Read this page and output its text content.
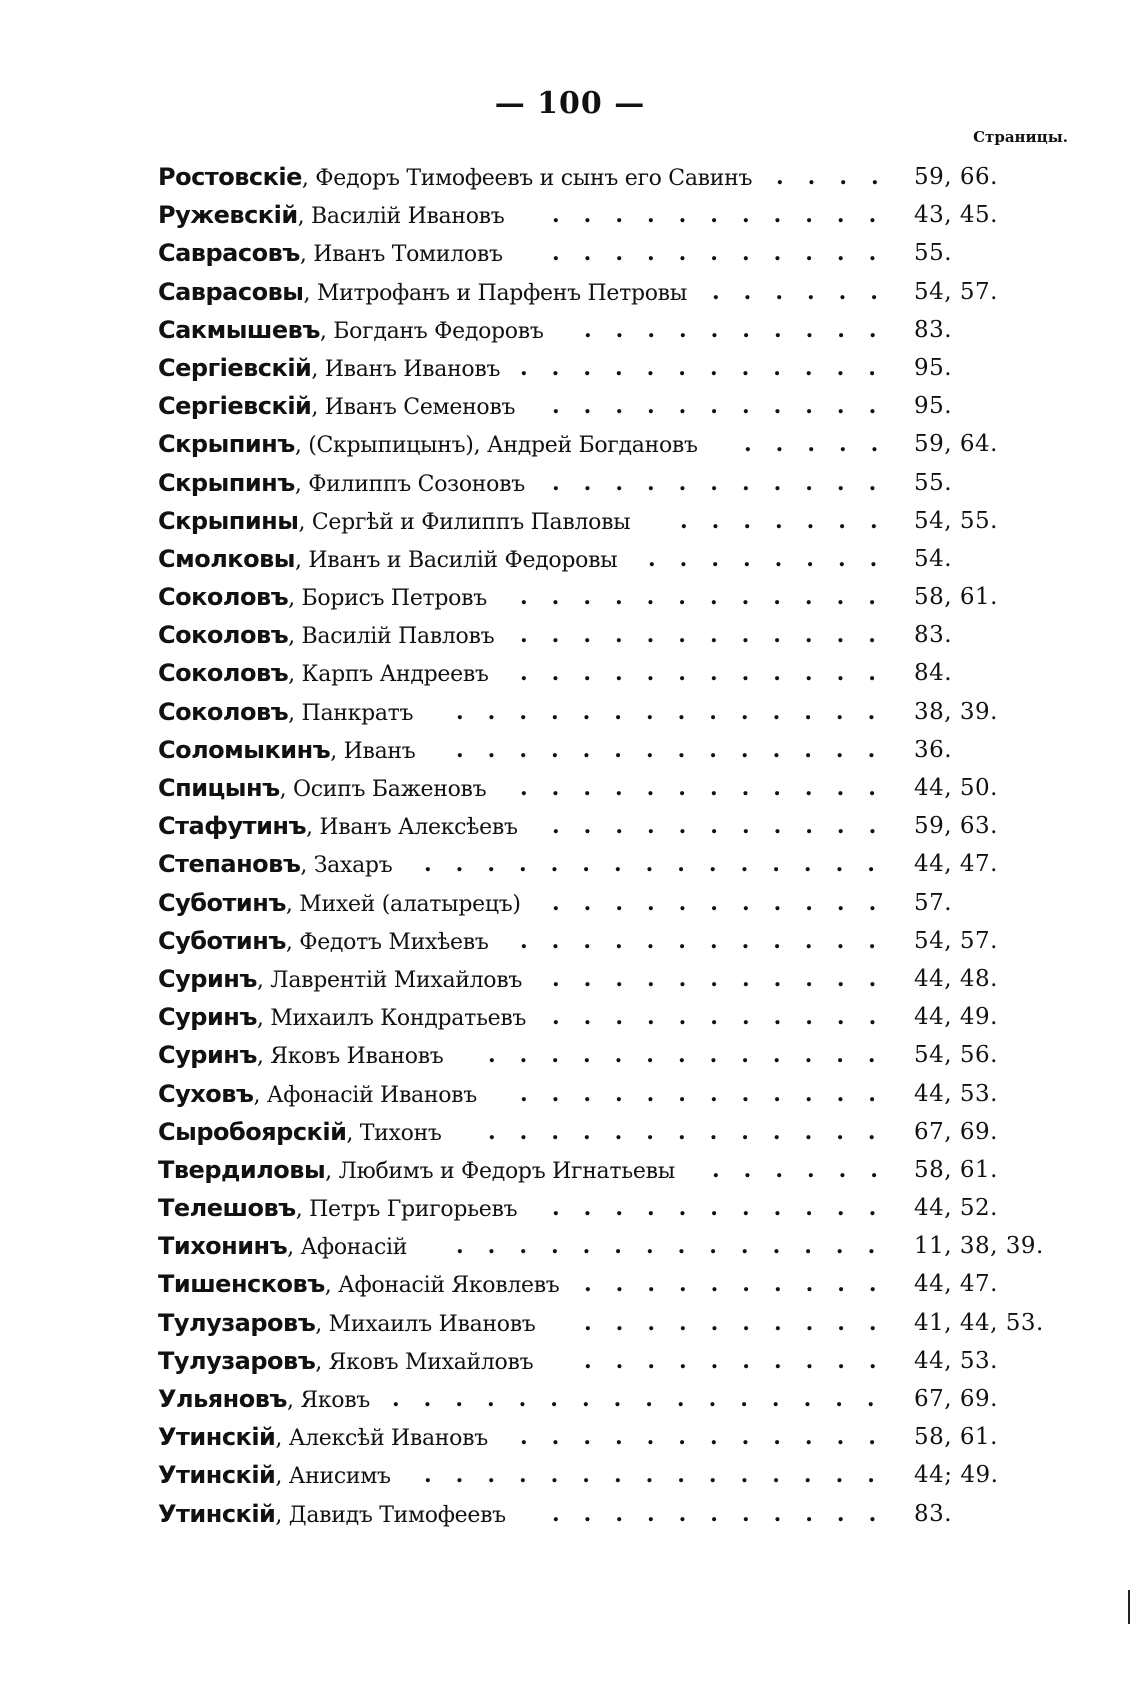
— 100 —
Страницы.
Ростовскіе, Федоръ Тимофеевъ и сынъ его Савинъ .... 59, 66.
Ружевскій, Василій Ивановъ ........... 43, 45.
Саврасовъ, Иванъ Томиловъ ........... 55.
Саврасовы, Митрофанъ и Парфенъ Петровы ...... 54, 57.
Сакмышевъ, Богданъ Федоровъ .......... 83.
Сергіевскій, Иванъ Ивановъ ............ 95.
Сергіевскій, Иванъ Семеновъ ........... 95.
Скрыпинъ, (Скрыпицынъ), Андрей Богдановъ ..... 59, 64.
Скрыпинъ, Филиппъ Созоновъ ........... 55.
Скрыпины, Сергѣй и Филиппъ Павловы ....... 54, 55.
Смолковы, Иванъ и Василій Федоровы ........ 54.
Соколовъ, Борисъ Петровъ ............ 58, 61.
Соколовъ, Василій Павловъ ............ 83.
Соколовъ, Карпъ Андреевъ ............ 84.
Соколовъ, Панкратъ .............. 38, 39.
Соломыкинъ, Иванъ .............. 36.
Спицынъ, Осипъ Баженовъ ............ 44, 50.
Стафутинъ, Иванъ Алексѣевъ ........... 59, 63.
Степановъ, Захаръ ............... 44, 47.
Суботинъ, Михей (алатырецъ) ........... 57.
Суботинъ, Федотъ Михѣевъ ............ 54, 57.
Суринъ, Лаврентій Михайловъ ........... 44, 48.
Суринъ, Михаилъ Кондратьевъ ........... 44, 49.
Суринъ, Яковъ Ивановъ ............. 54, 56.
Суховъ, Афонасій Ивановъ ............ 44, 53.
Сыробоярскій, Тихонъ ............. 67, 69.
Твердиловы, Любимъ и Федоръ Игнатьевы ...... 58, 61.
Телешовъ, Петръ Григорьевъ ........... 44, 52.
Тихонинъ, Афонасій .............. 11, 38, 39.
Тишенсковъ, Афонасій Яковлевъ .......... 44, 47.
Тулузаровъ, Михаилъ Ивановъ .......... 41, 44, 53.
Тулузаровъ, Яковъ Михайловъ .......... 44, 53.
Ульяновъ, Яковъ ................ 67, 69.
Утинскій, Алексѣй Ивановъ ............ 58, 61.
Утинскій, Анисимъ ............... 44; 49.
Утинскій, Давидъ Тимофеевъ ........... 83.
